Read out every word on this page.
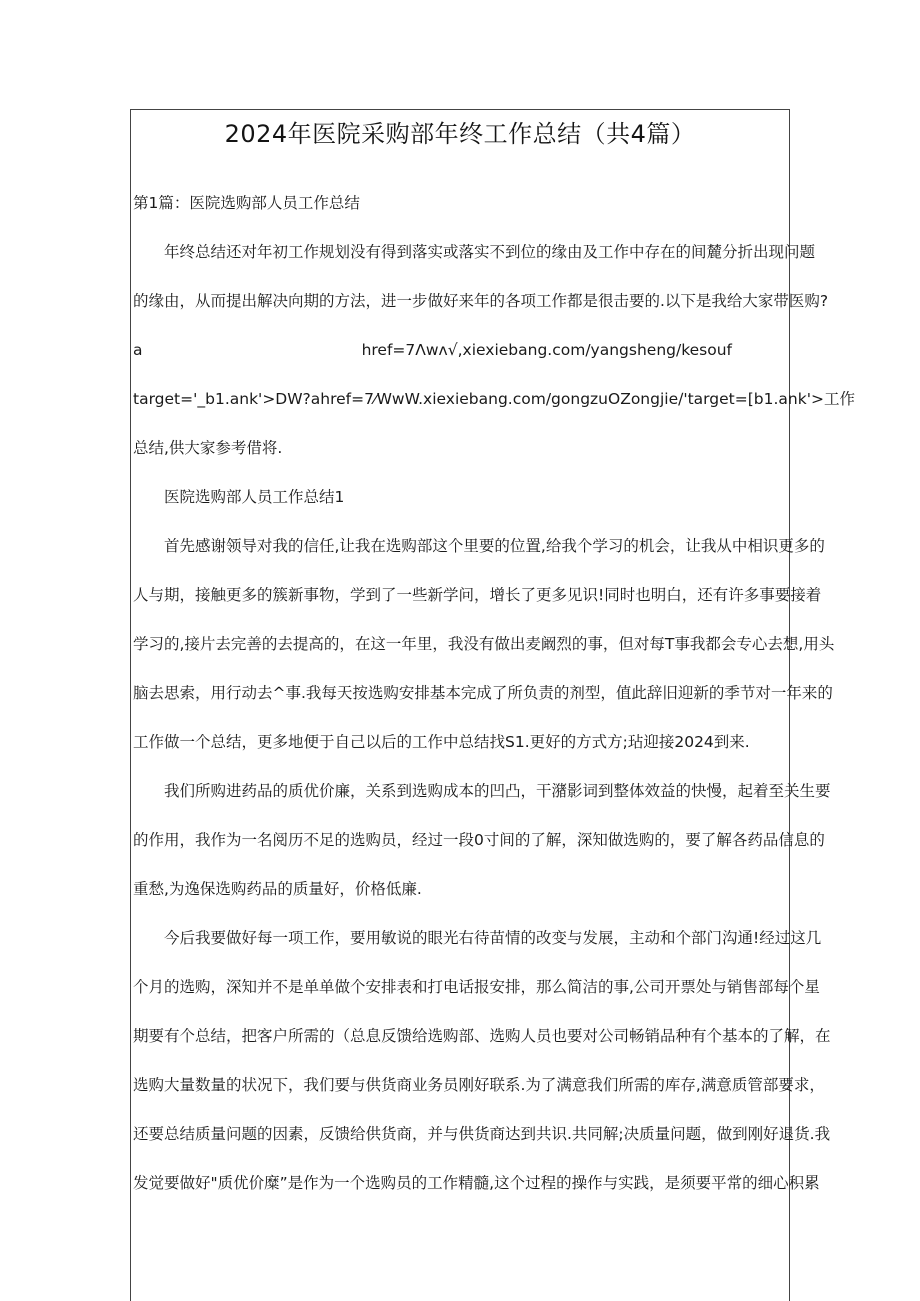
2024年医院采购部年终工作总结（共4篇）

第1篇：医院选购部人员工作总结

年终总结还对年初工作规划没有得到落实或落实不到位的缘由及工作中存在的间麓分折出现问题

的缘由，从而提出解决向期的方法，进一步做好来年的各项工作都是很击要的.以下是我给大家带医购?

a	href=7Λwʌ√,xiexiebang.com/yangsheng/kesouf

target='_b1.ank'>DW?ahref=7⁄WwW.xiexiebang.com/gongzuOZongjie∕'target=[b1.ank'>工作

总结,供大家参考借将.

医院选购部人员工作总结1

首先感谢领导对我的信任,让我在选购部这个里要的位置,给我个学习的机会，让我从中相识更多的

人与期，接触更多的簇新事物，学到了一些新学问，增长了更多见识!同时也明白，还有许多事要接着

学习的,接片去完善的去提高的，在这一年里，我没有做出麦阚烈的事，但对每T事我都会专心去想,用头

脑去思索，用行动去^事.我每天按选购安排基本完成了所负责的剂型，值此辞旧迎新的季节对一年来的

工作做一个总结，更多地便于自己以后的工作中总结找S1.更好的方式方;玷迎接2024到来.

我们所购进药品的质优价廉，关系到选购成本的凹凸，干潴影词到整体效益的快慢，起着至关生要

的作用，我作为一名阅历不足的选购员，经过一段0寸间的了解，深知做选购的，要了解各药品信息的

重愁,为逸保选购药品的质量好，价格低廉.

今后我要做好每一项工作，要用敏说的眼光右待苗情的改变与发展，主动和个部门沟通!经过这几

个月的选购，深知并不是单单做个安排表和打电话报安排，那么简洁的事,公司开票处与销售部每个星

期要有个总结，把客户所需的（总息反馈给选购部、选购人员也要对公司畅销品种有个基本的了解，在

选购大量数量的状况下，我们要与供货商业务员刚好联系.为了满意我们所需的库存,满意质管部要求，

还要总结质量问题的因素，反馈给供货商，并与供货商达到共识.共同解;决质量问题，做到刚好退货.我

发觉要做好"质优价糜”是作为一个选购员的工作精髓,这个过程的操作与实践，是须要平常的细心积累
